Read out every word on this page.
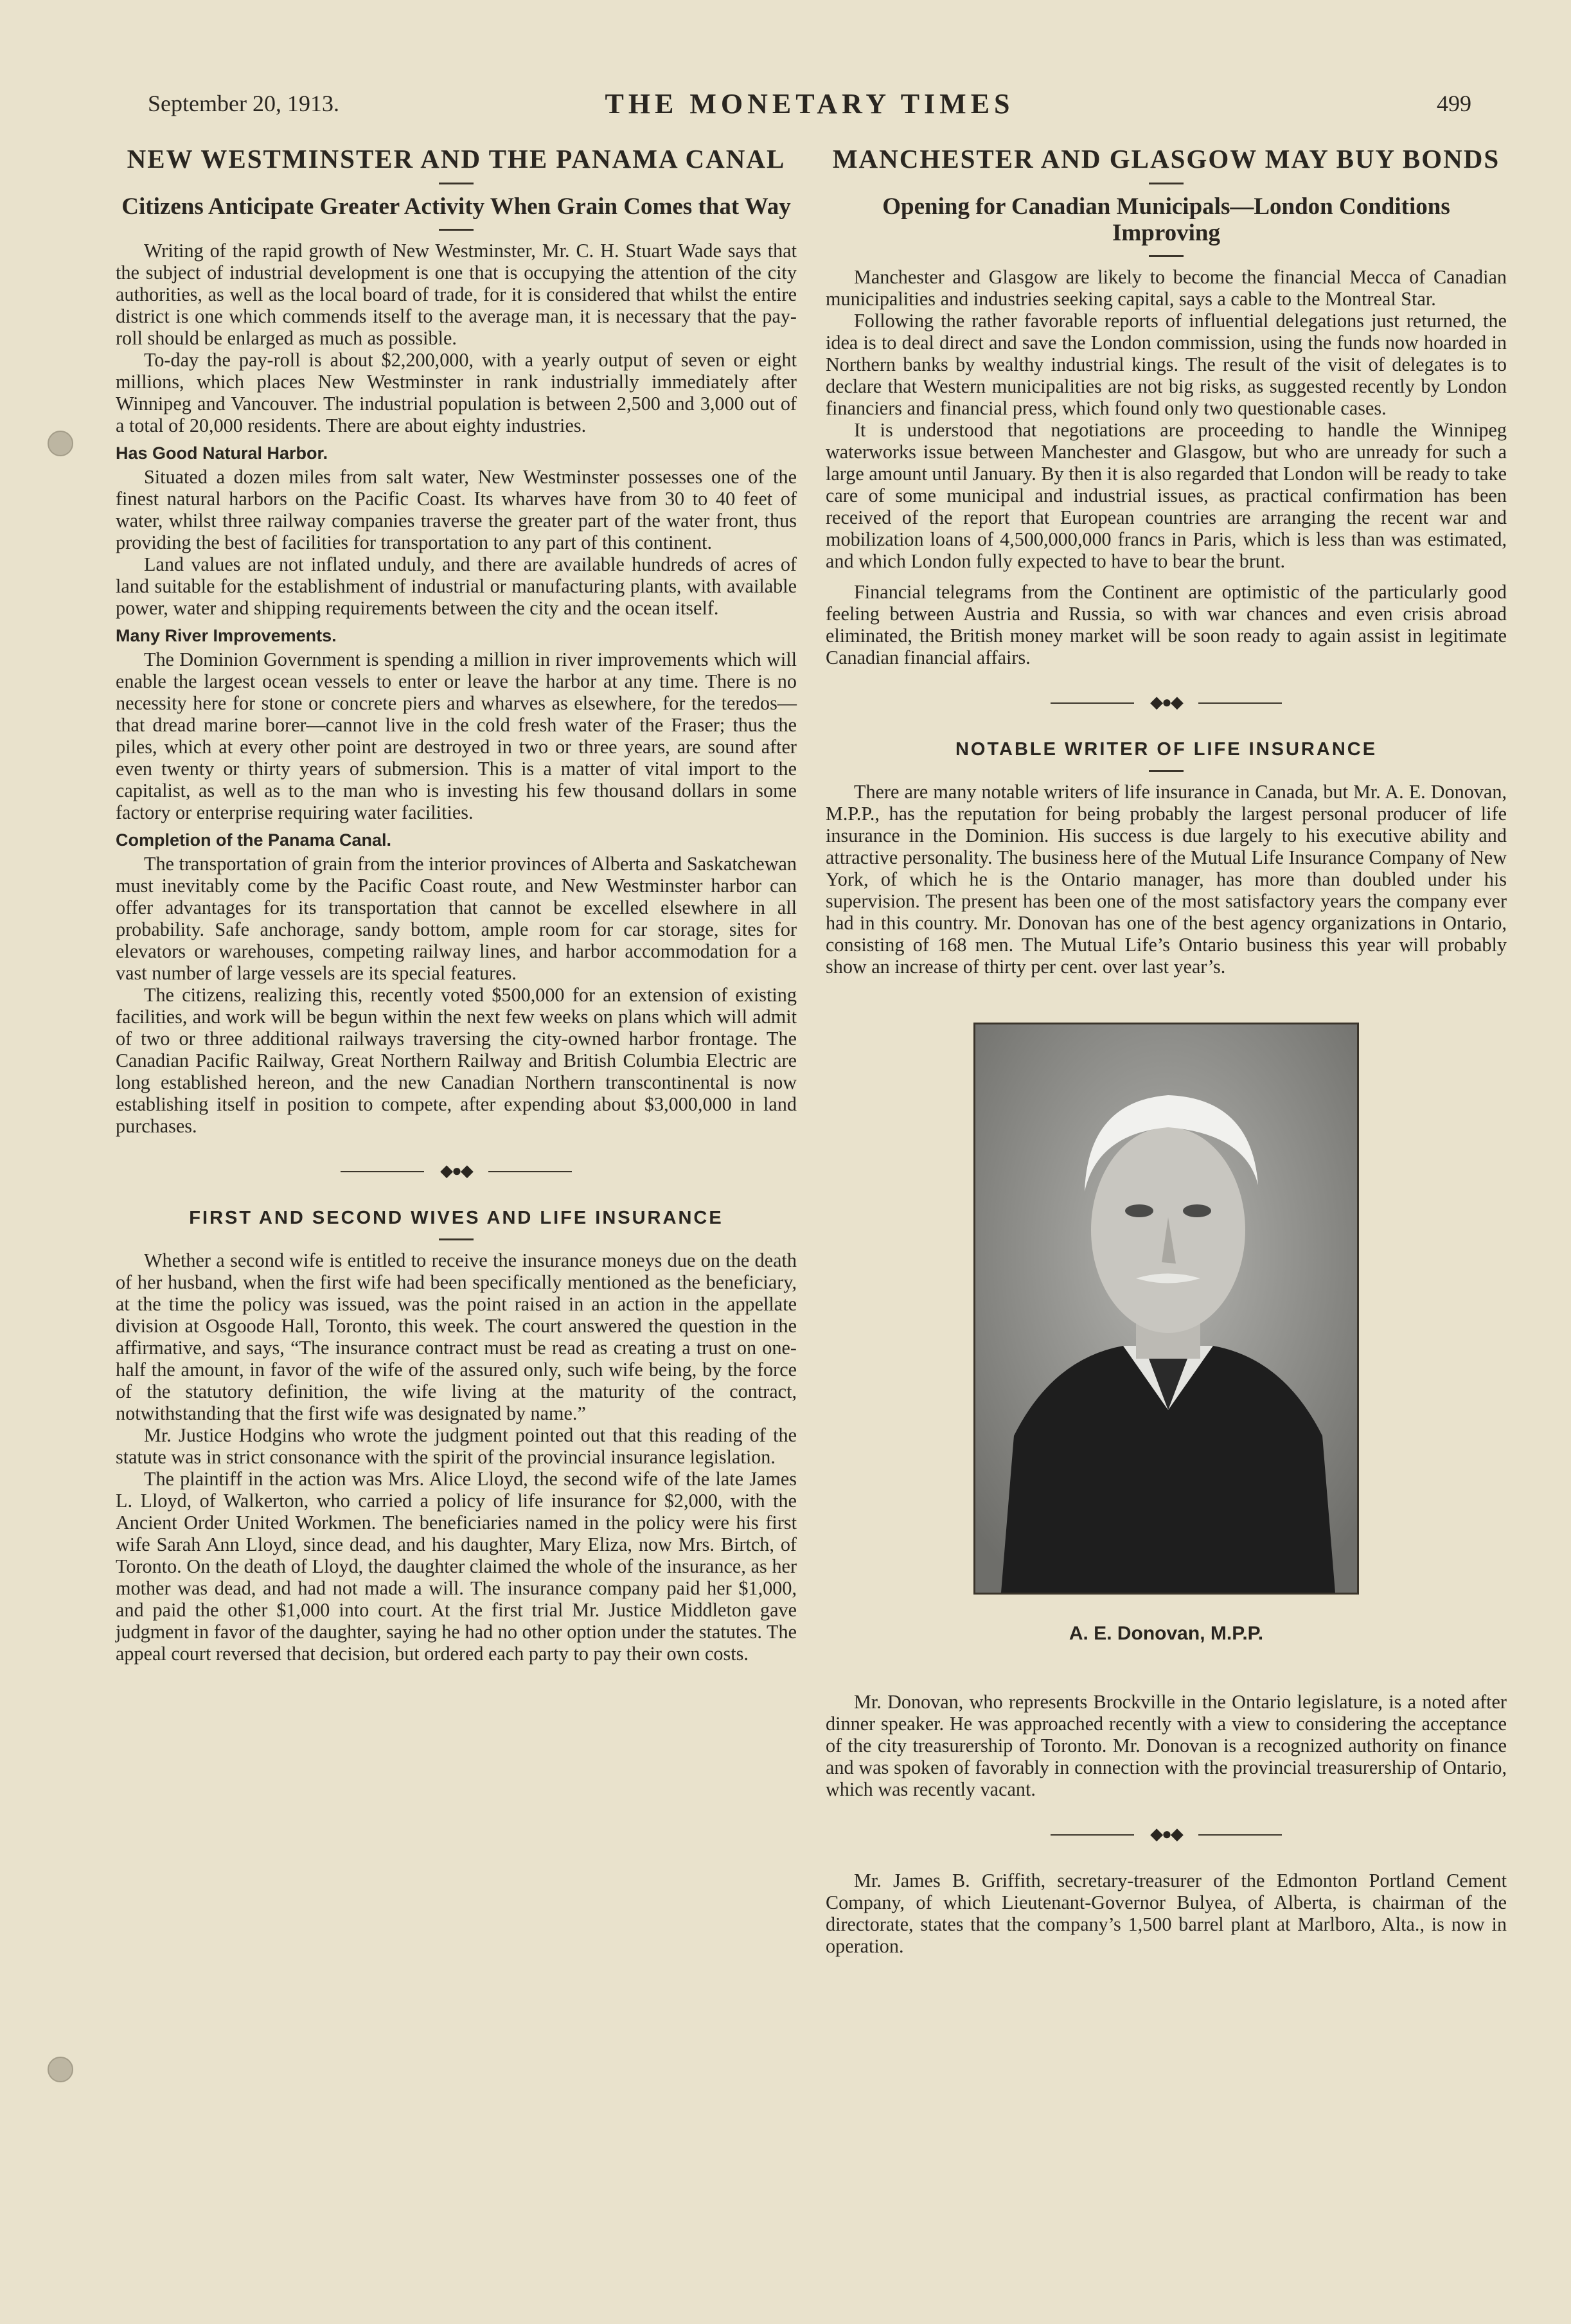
September 20, 1913.	THE MONETARY TIMES	499
NEW WESTMINSTER AND THE PANAMA CANAL
Citizens Anticipate Greater Activity When Grain Comes that Way

Writing of the rapid growth of New Westminster, Mr. C. H. Stuart Wade says that the subject of industrial development is one that is occupying the attention of the city authorities, as well as the local board of trade, for it is considered that whilst the entire district is one which commends itself to the average man, it is necessary that the pay-roll should be enlarged as much as possible.

To-day the pay-roll is about $2,200,000, with a yearly output of seven or eight millions, which places New Westminster in rank industrially immediately after Winnipeg and Vancouver. The industrial population is between 2,500 and 3,000 out of a total of 20,000 residents. There are about eighty industries.

Has Good Natural Harbor.

Situated a dozen miles from salt water, New Westminster possesses one of the finest natural harbors on the Pacific Coast. Its wharves have from 30 to 40 feet of water, whilst three railway companies traverse the greater part of the water front, thus providing the best of facilities for transportation to any part of this continent.

Land values are not inflated unduly, and there are available hundreds of acres of land suitable for the establishment of industrial or manufacturing plants, with available power, water and shipping requirements between the city and the ocean itself.

Many River Improvements.

The Dominion Government is spending a million in river improvements which will enable the largest ocean vessels to enter or leave the harbor at any time. There is no necessity here for stone or concrete piers and wharves as elsewhere, for the teredos—that dread marine borer—cannot live in the cold fresh water of the Fraser; thus the piles, which at every other point are destroyed in two or three years, are sound after even twenty or thirty years of submersion. This is a matter of vital import to the capitalist, as well as to the man who is investing his few thousand dollars in some factory or enterprise requiring water facilities.

Completion of the Panama Canal.

The transportation of grain from the interior provinces of Alberta and Saskatchewan must inevitably come by the Pacific Coast route, and New Westminster harbor can offer advantages for its transportation that cannot be excelled elsewhere in all probability. Safe anchorage, sandy bottom, ample room for car storage, sites for elevators or warehouses, competing railway lines, and harbor accommodation for a vast number of large vessels are its special features.

The citizens, realizing this, recently voted $500,000 for an extension of existing facilities, and work will be begun within the next few weeks on plans which will admit of two or three additional railways traversing the city-owned harbor frontage. The Canadian Pacific Railway, Great Northern Railway and British Columbia Electric are long established hereon, and the new Canadian Northern transcontinental is now establishing itself in position to compete, after expending about $3,000,000 in land purchases.

◆●◆
FIRST AND SECOND WIVES AND LIFE INSURANCE

Whether a second wife is entitled to receive the insurance moneys due on the death of her husband, when the first wife had been specifically mentioned as the beneficiary, at the time the policy was issued, was the point raised in an action in the appellate division at Osgoode Hall, Toronto, this week. The court answered the question in the affirmative, and says, “The insurance contract must be read as creating a trust on one-half the amount, in favor of the wife of the assured only, such wife being, by the force of the statutory definition, the wife living at the maturity of the contract, notwithstanding that the first wife was designated by name.”

Mr. Justice Hodgins who wrote the judgment pointed out that this reading of the statute was in strict consonance with the spirit of the provincial insurance legislation.

The plaintiff in the action was Mrs. Alice Lloyd, the second wife of the late James L. Lloyd, of Walkerton, who carried a policy of life insurance for $2,000, with the Ancient Order United Workmen. The beneficiaries named in the policy were his first wife Sarah Ann Lloyd, since dead, and his daughter, Mary Eliza, now Mrs. Birtch, of Toronto. On the death of Lloyd, the daughter claimed the whole of the insurance, as her mother was dead, and had not made a will. The insurance company paid her $1,000, and paid the other $1,000 into court. At the first trial Mr. Justice Middleton gave judgment in favor of the daughter, saying he had no other option under the statutes. The appeal court reversed that decision, but ordered each party to pay their own costs.

MANCHESTER AND GLASGOW MAY BUY BONDS
Opening for Canadian Municipals—London Conditions Improving

Manchester and Glasgow are likely to become the financial Mecca of Canadian municipalities and industries seeking capital, says a cable to the Montreal Star.

Following the rather favorable reports of influential delegations just returned, the idea is to deal direct and save the London commission, using the funds now hoarded in Northern banks by wealthy industrial kings. The result of the visit of delegates is to declare that Western municipalities are not big risks, as suggested recently by London financiers and financial press, which found only two questionable cases.

It is understood that negotiations are proceeding to handle the Winnipeg waterworks issue between Manchester and Glasgow, but who are unready for such a large amount until January. By then it is also regarded that London will be ready to take care of some municipal and industrial issues, as practical confirmation has been received of the report that European countries are arranging the recent war and mobilization loans of 4,500,000,000 francs in Paris, which is less than was estimated, and which London fully expected to have to bear the brunt.

Financial telegrams from the Continent are optimistic of the particularly good feeling between Austria and Russia, so with war chances and even crisis abroad eliminated, the British money market will be soon ready to again assist in legitimate Canadian financial affairs.

◆●◆
NOTABLE WRITER OF LIFE INSURANCE

There are many notable writers of life insurance in Canada, but Mr. A. E. Donovan, M.P.P., has the reputation for being probably the largest personal producer of life insurance in the Dominion. His success is due largely to his executive ability and attractive personality. The business here of the Mutual Life Insurance Company of New York, of which he is the Ontario manager, has more than doubled under his supervision. The present has been one of the most satisfactory years the company ever had in this country. Mr. Donovan has one of the best agency organizations in Ontario, consisting of 168 men. The Mutual Life’s Ontario business this year will probably show an increase of thirty per cent. over last year’s.

A. E. Donovan, M.P.P.

Mr. Donovan, who represents Brockville in the Ontario legislature, is a noted after dinner speaker. He was approached recently with a view to considering the acceptance of the city treasurership of Toronto. Mr. Donovan is a recognized authority on finance and was spoken of favorably in connection with the provincial treasurership of Ontario, which was recently vacant.

◆●◆

Mr. James B. Griffith, secretary-treasurer of the Edmonton Portland Cement Company, of which Lieutenant-Governor Bulyea, of Alberta, is chairman of the directorate, states that the company’s 1,500 barrel plant at Marlboro, Alta., is now in operation.
